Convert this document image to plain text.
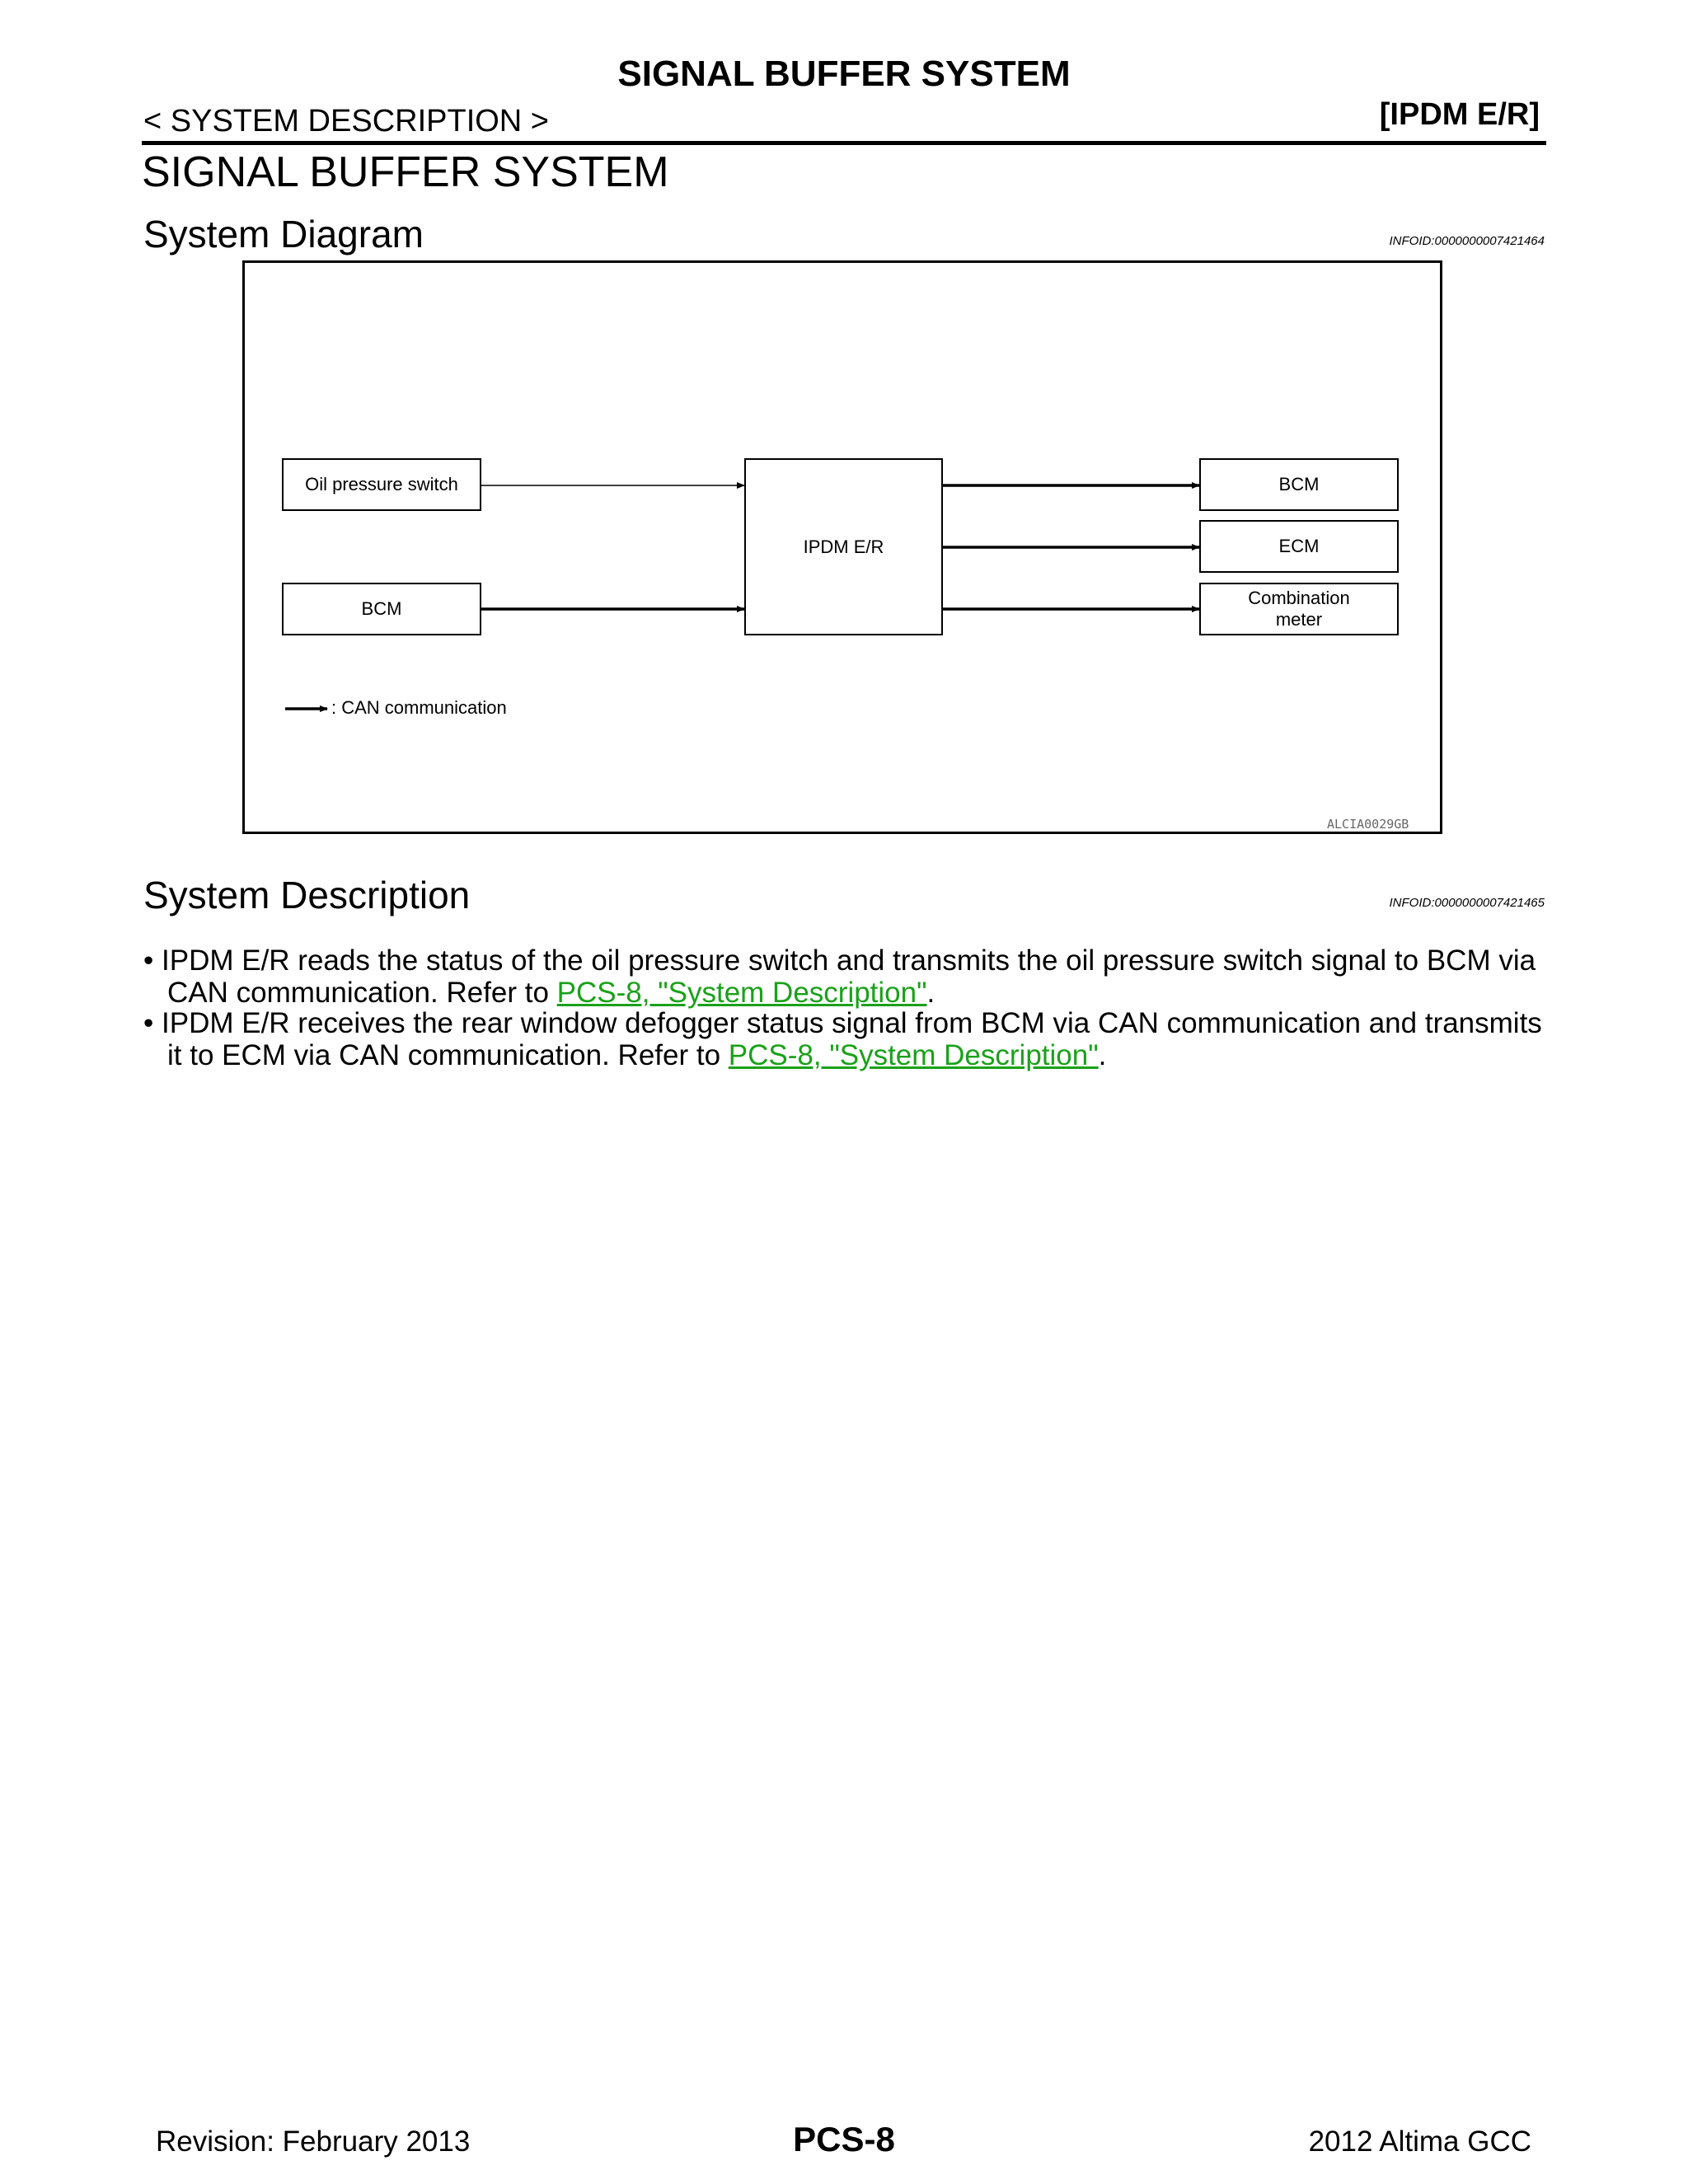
SIGNAL BUFFER SYSTEM
< SYSTEM DESCRIPTION >	[IPDM E/R]
SIGNAL BUFFER SYSTEM
System Diagram	INFOID:0000000007421464
Oil pressure switch
BCM
IPDM E/R
BCM
ECM
Combination
meter
: CAN communication
ALCIA0029GB
System Description	INFOID:0000000007421465
• IPDM E/R reads the status of the oil pressure switch and transmits the oil pressure switch signal to BCM via
CAN communication. Refer to PCS-8, "System Description".
• IPDM E/R receives the rear window defogger status signal from BCM via CAN communication and transmits
it to ECM via CAN communication. Refer to PCS-8, "System Description".
Revision: February 2013	PCS-8	2012 Altima GCC
